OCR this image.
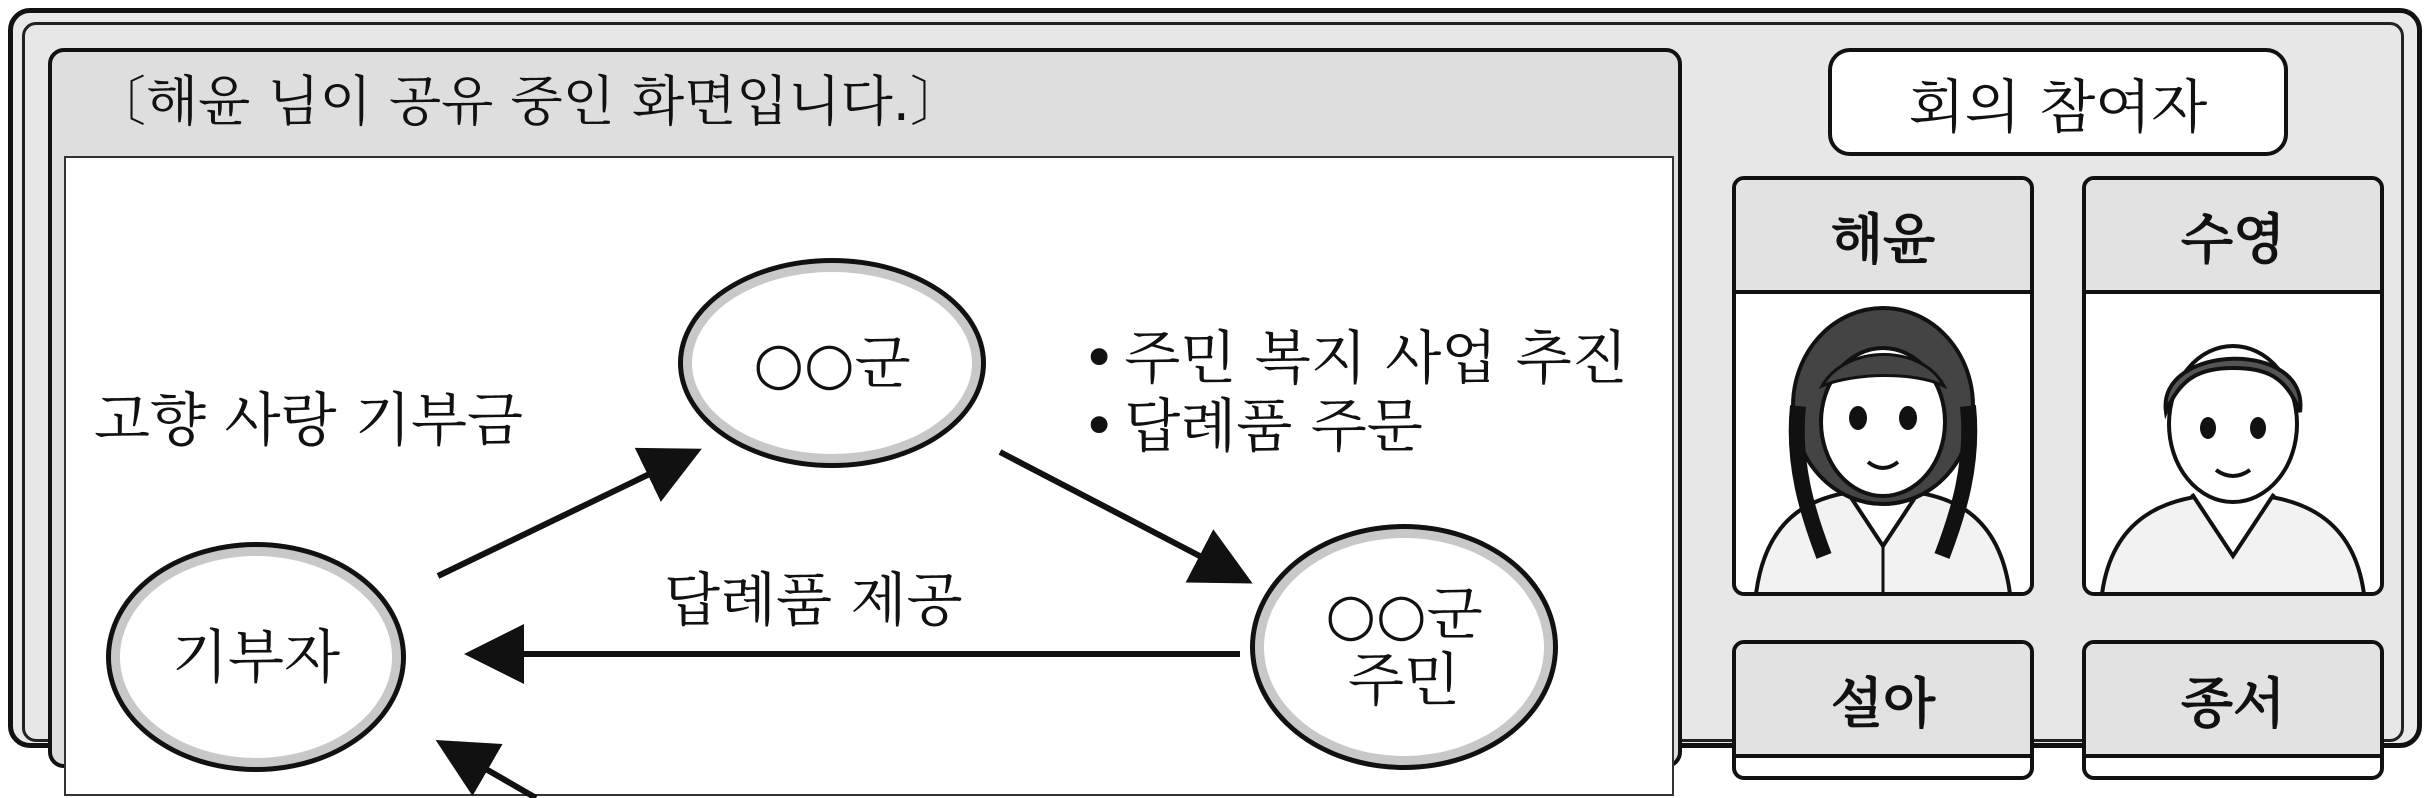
〔해윤 님이 공유 중인 화면입니다.〕
기부자
○○군
○○군
주민
고향 사랑 기부금
답례품 제공
• 주민 복지 사업 추진
• 답례품 주문
회의 참여자
해윤	수영
설아	종서
